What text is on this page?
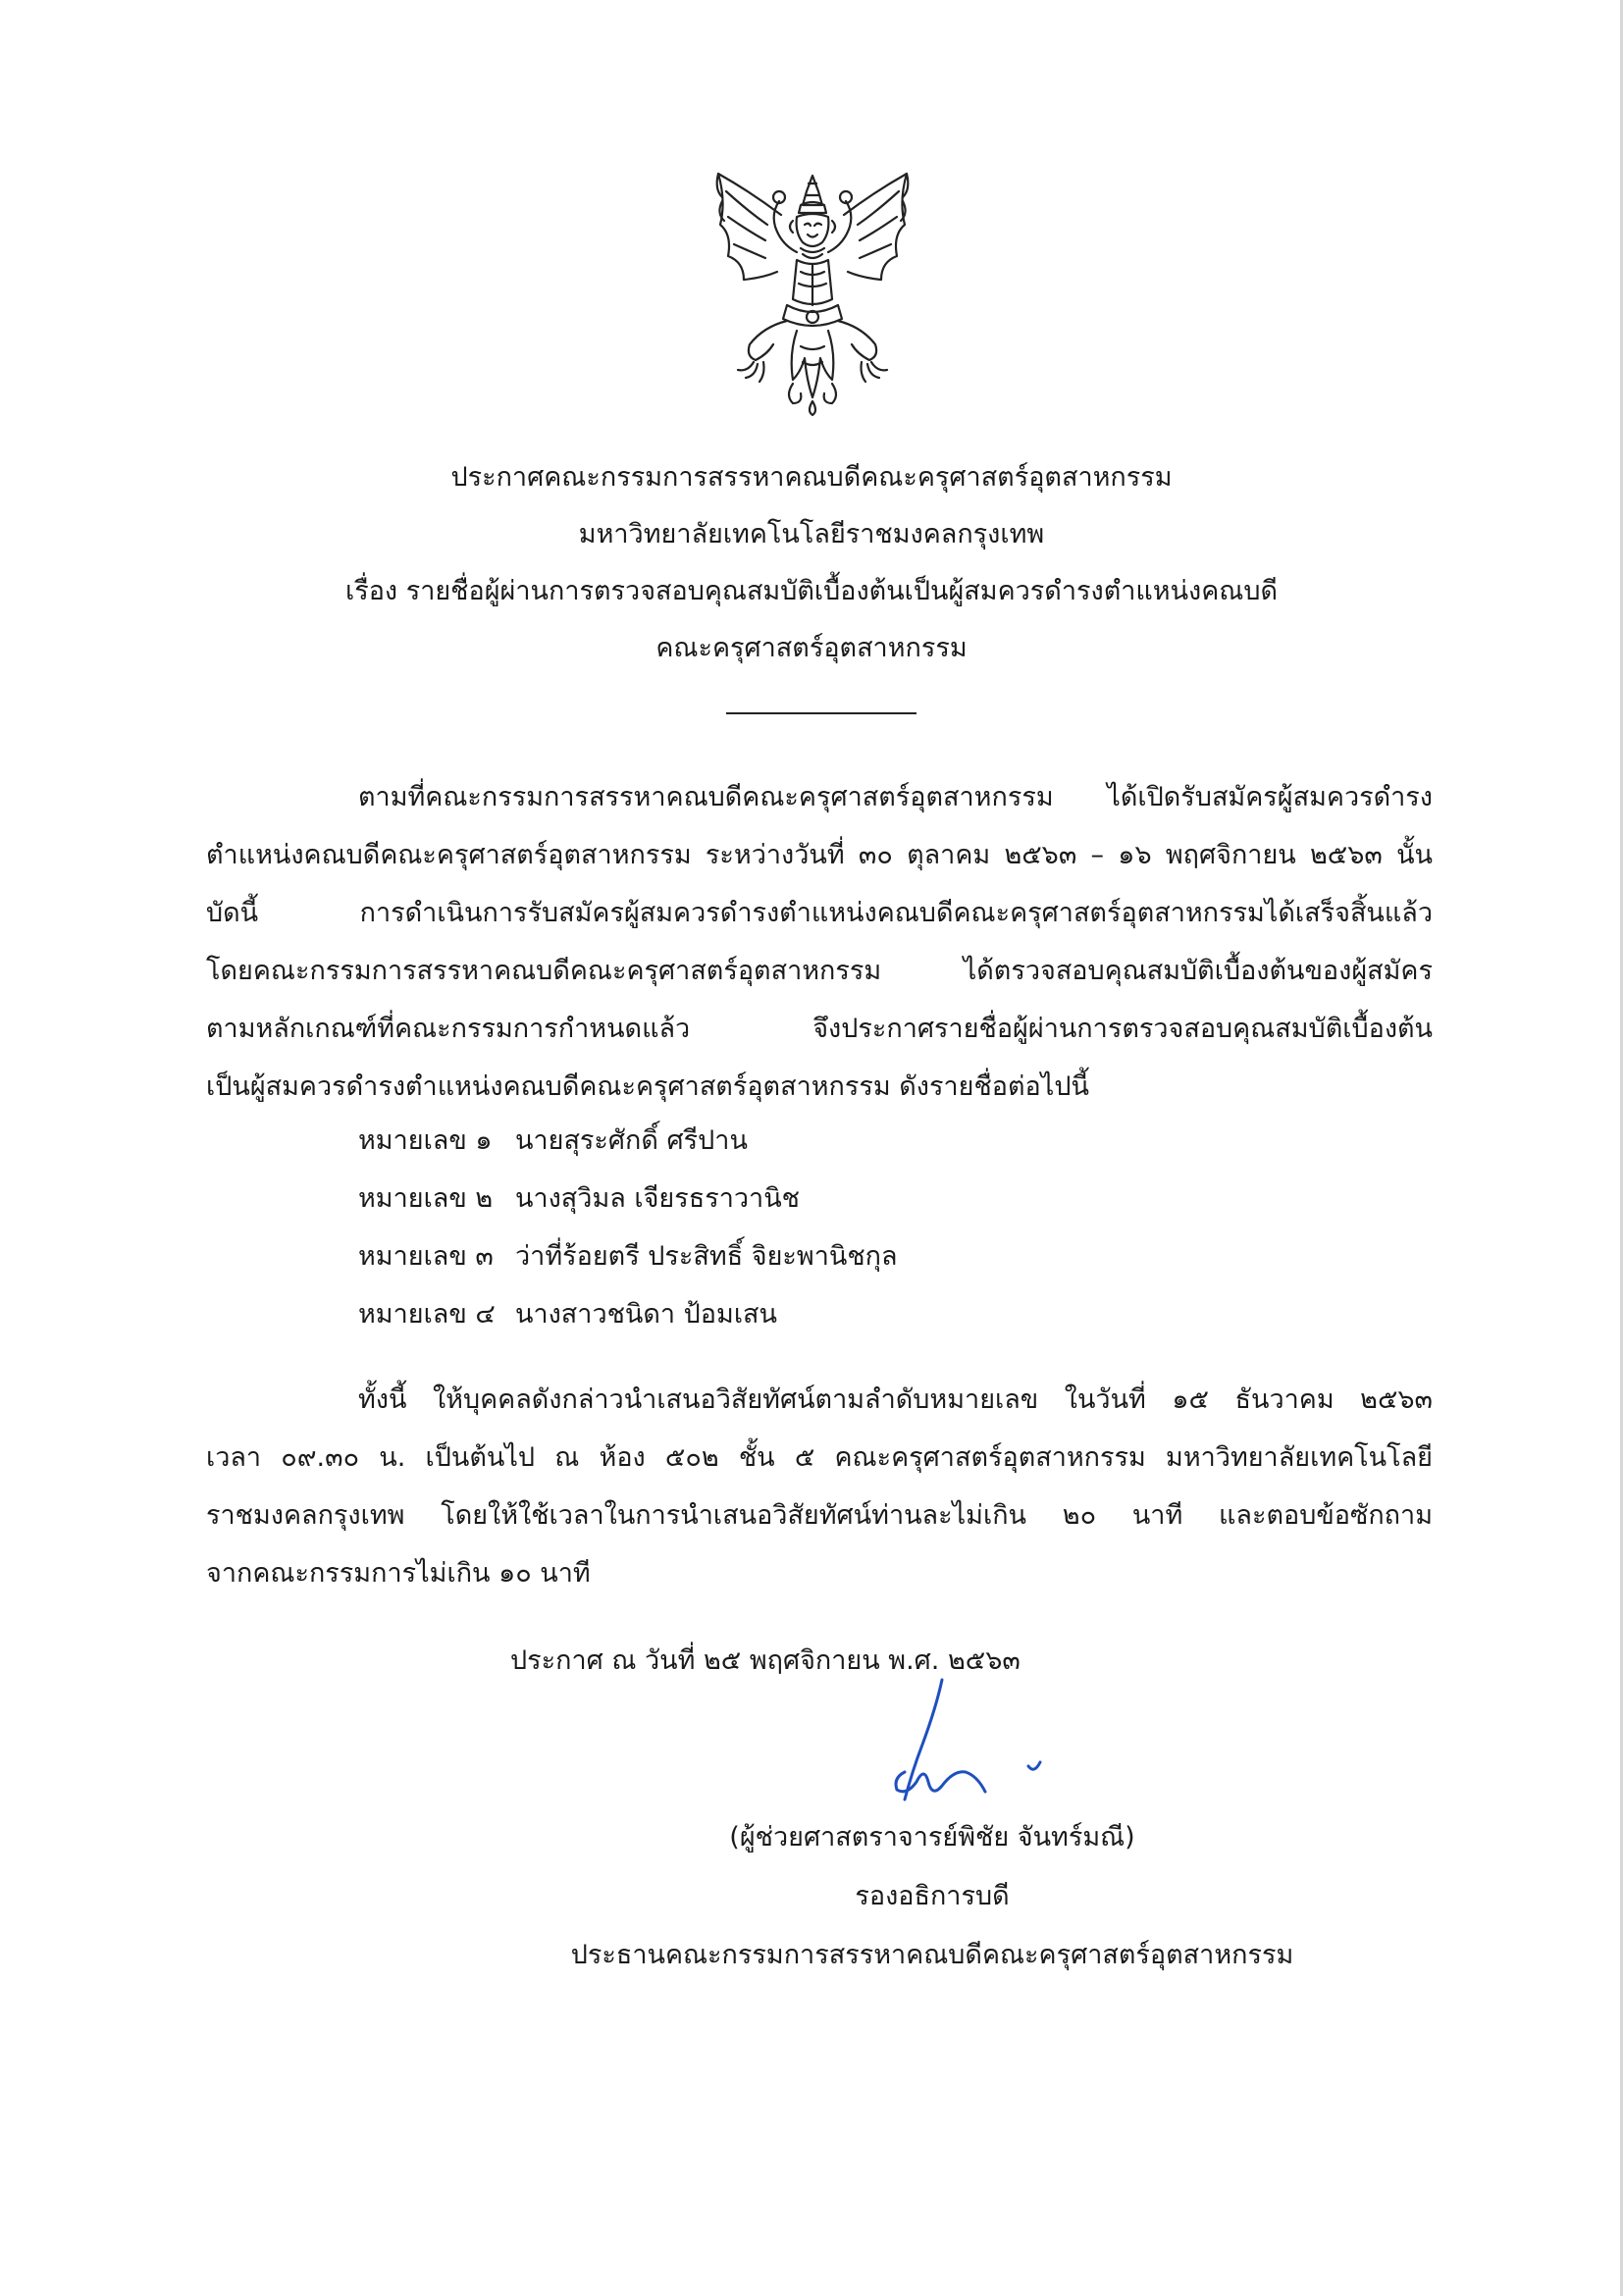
ประกาศคณะกรรมการสรรหาคณบดีคณะครุศาสตร์อุตสาหกรรม
มหาวิทยาลัยเทคโนโลยีราชมงคลกรุงเทพ
เรื่อง รายชื่อผู้ผ่านการตรวจสอบคุณสมบัติเบื้องต้นเป็นผู้สมควรดำรงตำแหน่งคณบดี
คณะครุศาสตร์อุตสาหกรรม
ตามที่คณะกรรมการสรรหาคณบดีคณะครุศาสตร์อุตสาหกรรม ได้เปิดรับสมัครผู้สมควรดำรง
ตำแหน่งคณบดีคณะครุศาสตร์อุตสาหกรรม ระหว่างวันที่ ๓๐ ตุลาคม ๒๕๖๓ – ๑๖ พฤศจิกายน ๒๕๖๓ นั้น
บัดนี้ การดำเนินการรับสมัครผู้สมควรดำรงตำแหน่งคณบดีคณะครุศาสตร์อุตสาหกรรมได้เสร็จสิ้นแล้ว
โดยคณะกรรมการสรรหาคณบดีคณะครุศาสตร์อุตสาหกรรม ได้ตรวจสอบคุณสมบัติเบื้องต้นของผู้สมัคร
ตามหลักเกณฑ์ที่คณะกรรมการกำหนดแล้ว จึงประกาศรายชื่อผู้ผ่านการตรวจสอบคุณสมบัติเบื้องต้น
เป็นผู้สมควรดำรงตำแหน่งคณบดีคณะครุศาสตร์อุตสาหกรรม ดังรายชื่อต่อไปนี้
หมายเลข ๑ นายสุระศักดิ์ ศรีปาน
หมายเลข ๒ นางสุวิมล เจียรธราวานิช
หมายเลข ๓ ว่าที่ร้อยตรี ประสิทธิ์ จิยะพานิชกุล
หมายเลข ๔ นางสาวชนิดา ป้อมเสน
ทั้งนี้ ให้บุคคลดังกล่าวนำเสนอวิสัยทัศน์ตามลำดับหมายเลข ในวันที่ ๑๕ ธันวาคม ๒๕๖๓
เวลา ๐๙.๓๐ น. เป็นต้นไป ณ ห้อง ๕๐๒ ชั้น ๕ คณะครุศาสตร์อุตสาหกรรม มหาวิทยาลัยเทคโนโลยี
ราชมงคลกรุงเทพ โดยให้ใช้เวลาในการนำเสนอวิสัยทัศน์ท่านละไม่เกิน ๒๐ นาที และตอบข้อซักถาม
จากคณะกรรมการไม่เกิน ๑๐ นาที
ประกาศ ณ วันที่ ๒๕ พฤศจิกายน พ.ศ. ๒๕๖๓
(ผู้ช่วยศาสตราจารย์พิชัย จันทร์มณี)
รองอธิการบดี
ประธานคณะกรรมการสรรหาคณบดีคณะครุศาสตร์อุตสาหกรรม
